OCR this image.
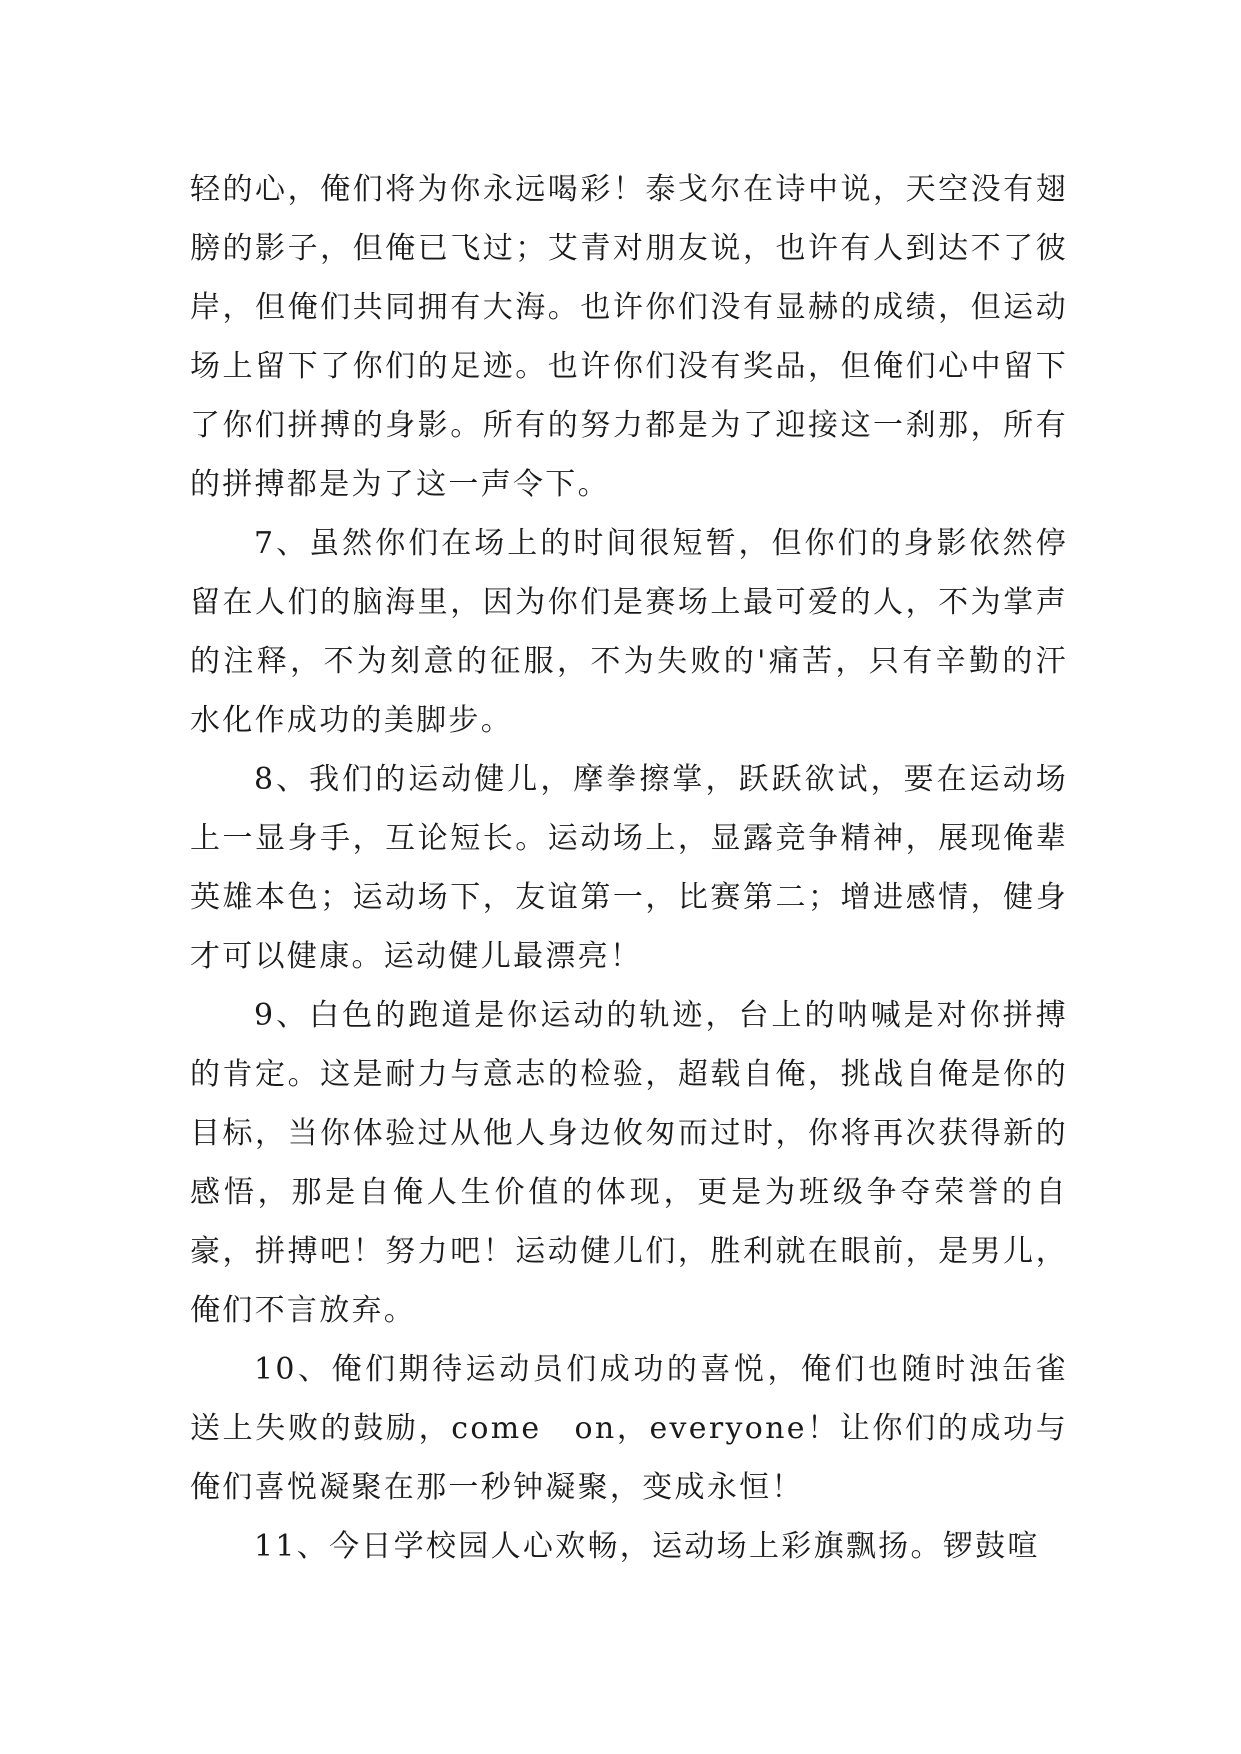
轻的心，俺们将为你永远喝彩！泰戈尔在诗中说，天空没有翅膀的影子，但俺已飞过；艾青对朋友说，也许有人到达不了彼岸，但俺们共同拥有大海。也许你们没有显赫的成绩，但运动场上留下了你们的足迹。也许你们没有奖品，但俺们心中留下了你们拼搏的身影。所有的努力都是为了迎接这一刹那，所有的拼搏都是为了这一声令下。

7、虽然你们在场上的时间很短暂，但你们的身影依然停留在人们的脑海里，因为你们是赛场上最可爱的人，不为掌声的注释，不为刻意的征服，不为失败的'痛苦，只有辛勤的汗水化作成功的美脚步。

8、我们的运动健儿，摩拳擦掌，跃跃欲试，要在运动场上一显身手，互论短长。运动场上，显露竞争精神，展现俺辈英雄本色；运动场下，友谊第一，比赛第二；增进感情，健身才可以健康。运动健儿最漂亮！

9、白色的跑道是你运动的轨迹，台上的呐喊是对你拼搏的肯定。这是耐力与意志的检验，超载自俺，挑战自俺是你的目标，当你体验过从他人身边攸匆而过时，你将再次获得新的感悟，那是自俺人生价值的体现，更是为班级争夺荣誉的自豪，拼搏吧！努力吧！运动健儿们，胜利就在眼前，是男儿，俺们不言放弃。

10、俺们期待运动员们成功的喜悦，俺们也随时浊缶雀送上失败的鼓励，come　on，everyone！让你们的成功与俺们喜悦凝聚在那一秒钟凝聚，变成永恒！

11、今日学校园人心欢畅，运动场上彩旗飘扬。锣鼓喧
